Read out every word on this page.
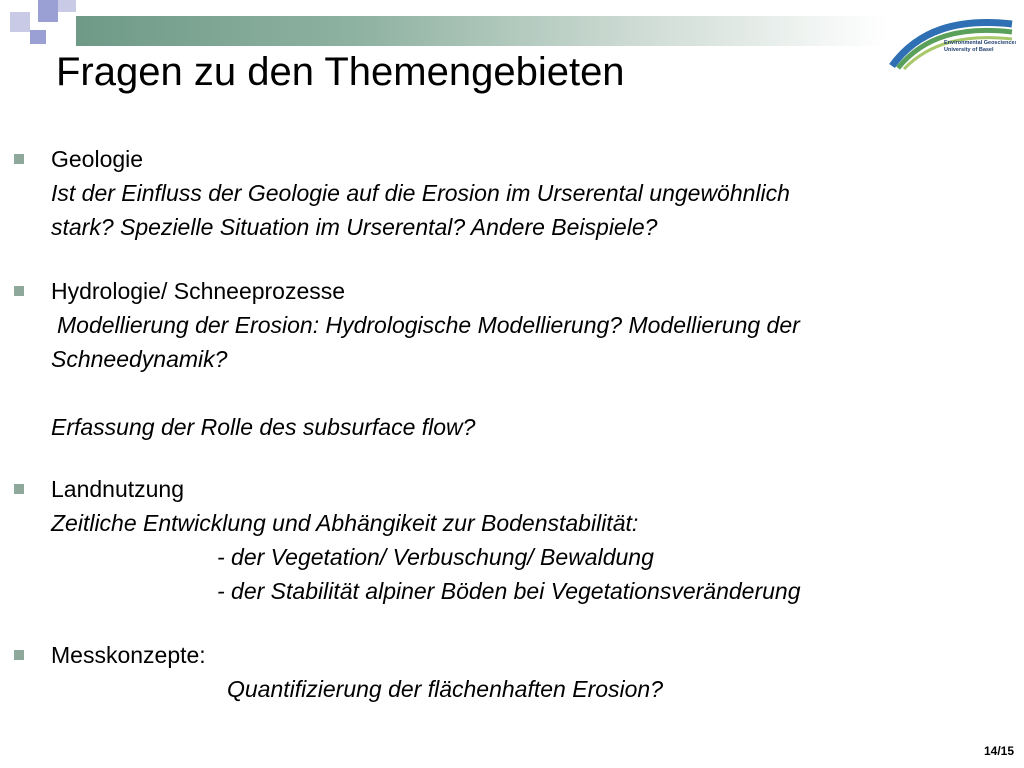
Environmental Geosciences
University of Basel
Fragen zu den Themengebieten
Geologie
Ist der Einfluss der Geologie auf die Erosion im Urserental ungewöhnlich
stark? Spezielle Situation im Urserental? Andere Beispiele?
Hydrologie/ Schneeprozesse
Modellierung der Erosion: Hydrologische Modellierung? Modellierung der
Schneedynamik?
Erfassung der Rolle des subsurface flow?
Landnutzung
Zeitliche Entwicklung und Abhängikeit zur Bodenstabilität:
- der Vegetation/ Verbuschung/ Bewaldung
- der Stabilität alpiner Böden bei Vegetationsveränderung
Messkonzepte:
Quantifizierung der flächenhaften Erosion?
14/15
